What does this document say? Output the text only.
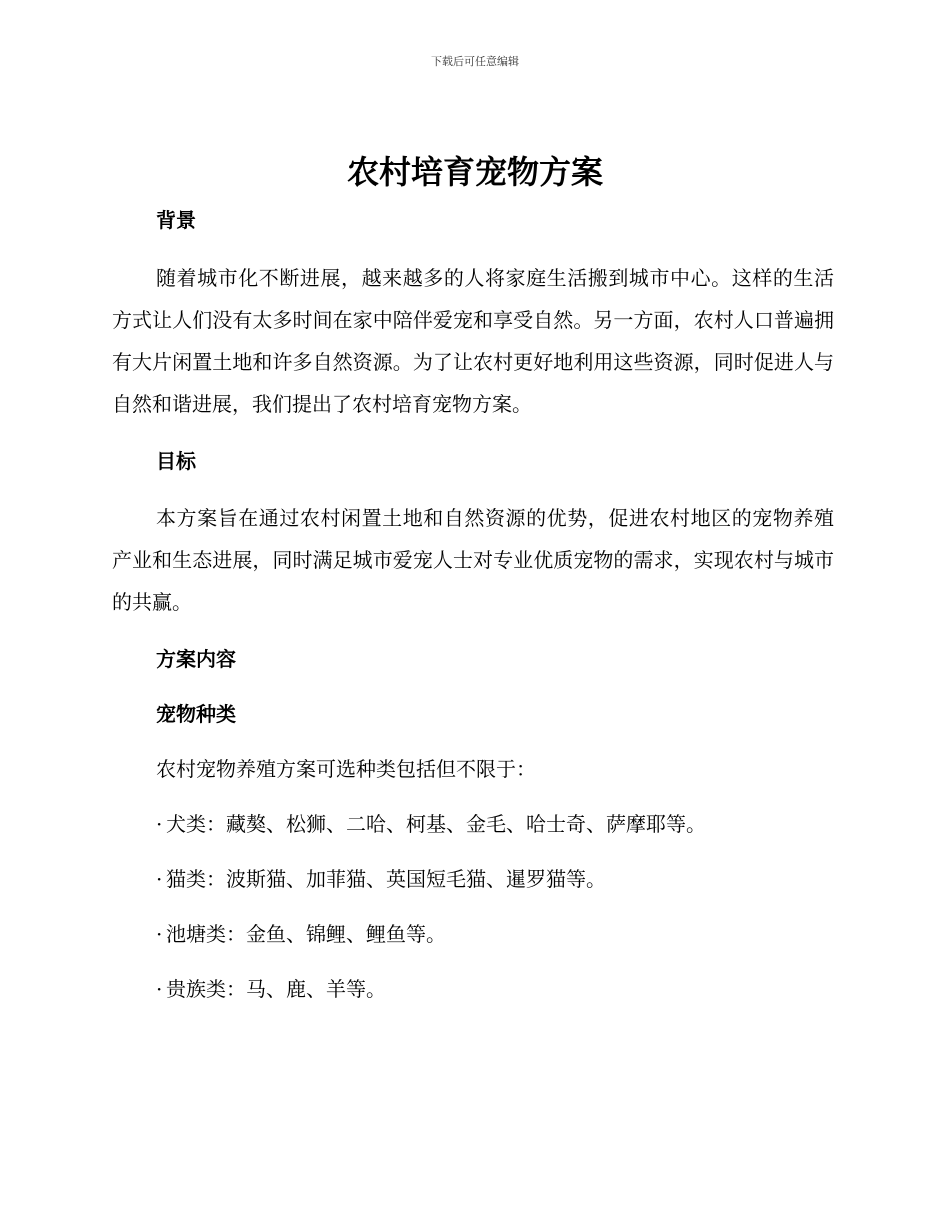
下载后可任意编辑
农村培育宠物方案
背景

随着城市化不断进展，越来越多的人将家庭生活搬到城市中心。这样的生活方式让人们没有太多时间在家中陪伴爱宠和享受自然。另一方面，农村人口普遍拥有大片闲置土地和许多自然资源。为了让农村更好地利用这些资源，同时促进人与自然和谐进展，我们提出了农村培育宠物方案。

目标

本方案旨在通过农村闲置土地和自然资源的优势，促进农村地区的宠物养殖产业和生态进展，同时满足城市爱宠人士对专业优质宠物的需求，实现农村与城市的共赢。

方案内容
宠物种类
农村宠物养殖方案可选种类包括但不限于：
· 犬类：藏獒、松狮、二哈、柯基、金毛、哈士奇、萨摩耶等。
· 猫类：波斯猫、加菲猫、英国短毛猫、暹罗猫等。
· 池塘类：金鱼、锦鲤、鲤鱼等。
· 贵族类：马、鹿、羊等。
